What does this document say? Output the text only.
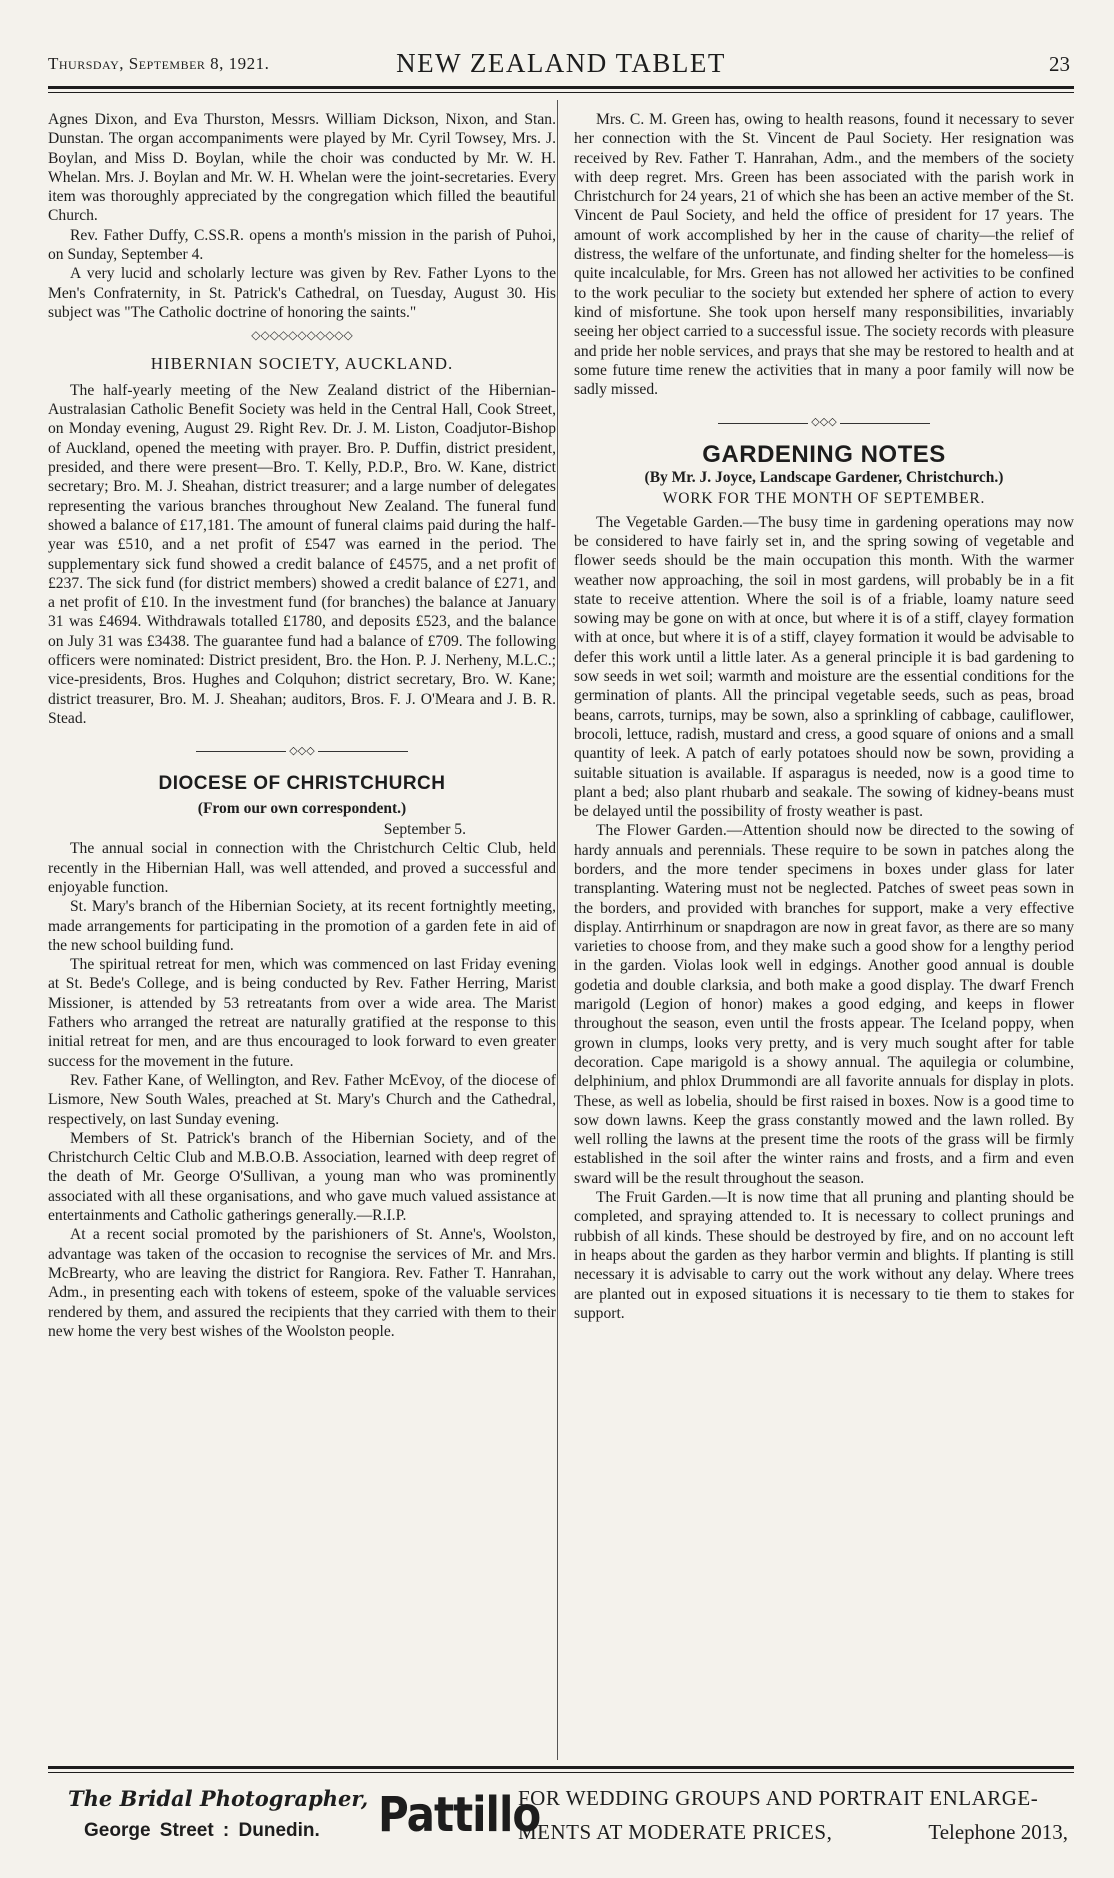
Thursday, September 8, 1921.	NEW ZEALAND TABLET	23

Agnes Dixon, and Eva Thurston, Messrs. William Dickson, Nixon, and Stan. Dunstan. The organ accompaniments were played by Mr. Cyril Towsey, Mrs. J. Boylan, and Miss D. Boylan, while the choir was conducted by Mr. W. H. Whelan. Mrs. J. Boylan and Mr. W. H. Whelan were the joint-secretaries. Every item was thoroughly appreciated by the congregation which filled the beautiful Church.

Rev. Father Duffy, C.SS.R. opens a month's mission in the parish of Puhoi, on Sunday, September 4.

A very lucid and scholarly lecture was given by Rev. Father Lyons to the Men's Confraternity, in St. Patrick's Cathedral, on Tuesday, August 30. His subject was "The Catholic doctrine of honoring the saints."

◇◇◇◇◇◇◇◇◇◇◇
HIBERNIAN SOCIETY, AUCKLAND.

The half-yearly meeting of the New Zealand district of the Hibernian-Australasian Catholic Benefit Society was held in the Central Hall, Cook Street, on Monday evening, August 29. Right Rev. Dr. J. M. Liston, Coadjutor-Bishop of Auckland, opened the meeting with prayer. Bro. P. Duffin, district president, presided, and there were present—Bro. T. Kelly, P.D.P., Bro. W. Kane, district secretary; Bro. M. J. Sheahan, district treasurer; and a large number of delegates representing the various branches throughout New Zealand. The funeral fund showed a balance of £17,181. The amount of funeral claims paid during the half-year was £510, and a net profit of £547 was earned in the period. The supplementary sick fund showed a credit balance of £4575, and a net profit of £237. The sick fund (for district members) showed a credit balance of £271, and a net profit of £10. In the investment fund (for branches) the balance at January 31 was £4694. Withdrawals totalled £1780, and deposits £523, and the balance on July 31 was £3438. The guarantee fund had a balance of £709. The following officers were nominated: District president, Bro. the Hon. P. J. Nerheny, M.L.C.; vice-presidents, Bros. Hughes and Colquhon; district secretary, Bro. W. Kane; district treasurer, Bro. M. J. Sheahan; auditors, Bros. F. J. O'Meara and J. B. R. Stead.

◇◇◇
DIOCESE OF CHRISTCHURCH
(From our own correspondent.)

September 5.

The annual social in connection with the Christchurch Celtic Club, held recently in the Hibernian Hall, was well attended, and proved a successful and enjoyable function.

St. Mary's branch of the Hibernian Society, at its recent fortnightly meeting, made arrangements for participating in the promotion of a garden fete in aid of the new school building fund.

The spiritual retreat for men, which was commenced on last Friday evening at St. Bede's College, and is being conducted by Rev. Father Herring, Marist Missioner, is attended by 53 retreatants from over a wide area. The Marist Fathers who arranged the retreat are naturally gratified at the response to this initial retreat for men, and are thus encouraged to look forward to even greater success for the movement in the future.

Rev. Father Kane, of Wellington, and Rev. Father McEvoy, of the diocese of Lismore, New South Wales, preached at St. Mary's Church and the Cathedral, respectively, on last Sunday evening.

Members of St. Patrick's branch of the Hibernian Society, and of the Christchurch Celtic Club and M.B.O.B. Association, learned with deep regret of the death of Mr. George O'Sullivan, a young man who was prominently associated with all these organisations, and who gave much valued assistance at entertainments and Catholic gatherings generally.—R.I.P.

At a recent social promoted by the parishioners of St. Anne's, Woolston, advantage was taken of the occasion to recognise the services of Mr. and Mrs. McBrearty, who are leaving the district for Rangiora. Rev. Father T. Hanrahan, Adm., in presenting each with tokens of esteem, spoke of the valuable services rendered by them, and assured the recipients that they carried with them to their new home the very best wishes of the Woolston people.

Mrs. C. M. Green has, owing to health reasons, found it necessary to sever her connection with the St. Vincent de Paul Society. Her resignation was received by Rev. Father T. Hanrahan, Adm., and the members of the society with deep regret. Mrs. Green has been associated with the parish work in Christchurch for 24 years, 21 of which she has been an active member of the St. Vincent de Paul Society, and held the office of president for 17 years. The amount of work accomplished by her in the cause of charity—the relief of distress, the welfare of the unfortunate, and finding shelter for the homeless—is quite incalculable, for Mrs. Green has not allowed her activities to be confined to the work peculiar to the society but extended her sphere of action to every kind of misfortune. She took upon herself many responsibilities, invariably seeing her object carried to a successful issue. The society records with pleasure and pride her noble services, and prays that she may be restored to health and at some future time renew the activities that in many a poor family will now be sadly missed.

◇◇◇
GARDENING NOTES
(By Mr. J. Joyce, Landscape Gardener, Christchurch.)
WORK FOR THE MONTH OF SEPTEMBER.

The Vegetable Garden.—The busy time in gardening operations may now be considered to have fairly set in, and the spring sowing of vegetable and flower seeds should be the main occupation this month. With the warmer weather now approaching, the soil in most gardens, will probably be in a fit state to receive attention. Where the soil is of a friable, loamy nature seed sowing may be gone on with at once, but where it is of a stiff, clayey formation with at once, but where it is of a stiff, clayey formation it would be advisable to defer this work until a little later. As a general principle it is bad gardening to sow seeds in wet soil; warmth and moisture are the essential conditions for the germination of plants. All the principal vegetable seeds, such as peas, broad beans, carrots, turnips, may be sown, also a sprinkling of cabbage, cauliflower, brocoli, lettuce, radish, mustard and cress, a good square of onions and a small quantity of leek. A patch of early potatoes should now be sown, providing a suitable situation is available. If asparagus is needed, now is a good time to plant a bed; also plant rhubarb and seakale. The sowing of kidney-beans must be delayed until the possibility of frosty weather is past.

The Flower Garden.—Attention should now be directed to the sowing of hardy annuals and perennials. These require to be sown in patches along the borders, and the more tender specimens in boxes under glass for later transplanting. Watering must not be neglected. Patches of sweet peas sown in the borders, and provided with branches for support, make a very effective display. Antirrhinum or snapdragon are now in great favor, as there are so many varieties to choose from, and they make such a good show for a lengthy period in the garden. Violas look well in edgings. Another good annual is double godetia and double clarksia, and both make a good display. The dwarf French marigold (Legion of honor) makes a good edging, and keeps in flower throughout the season, even until the frosts appear. The Iceland poppy, when grown in clumps, looks very pretty, and is very much sought after for table decoration. Cape marigold is a showy annual. The aquilegia or columbine, delphinium, and phlox Drummondi are all favorite annuals for display in plots. These, as well as lobelia, should be first raised in boxes. Now is a good time to sow down lawns. Keep the grass constantly mowed and the lawn rolled. By well rolling the lawns at the present time the roots of the grass will be firmly established in the soil after the winter rains and frosts, and a firm and even sward will be the result throughout the season.

The Fruit Garden.—It is now time that all pruning and planting should be completed, and spraying attended to. It is necessary to collect prunings and rubbish of all kinds. These should be destroyed by fire, and on no account left in heaps about the garden as they harbor vermin and blights. If planting is still necessary it is advisable to carry out the work without any delay. Where trees are planted out in exposed situations it is necessary to tie them to stakes for support.

The Bridal Photographer,
George Street : Dunedin. Pattillo
FOR WEDDING GROUPS AND PORTRAIT ENLARGE-
MENTS AT MODERATE PRICES,	Telephone 2013,
